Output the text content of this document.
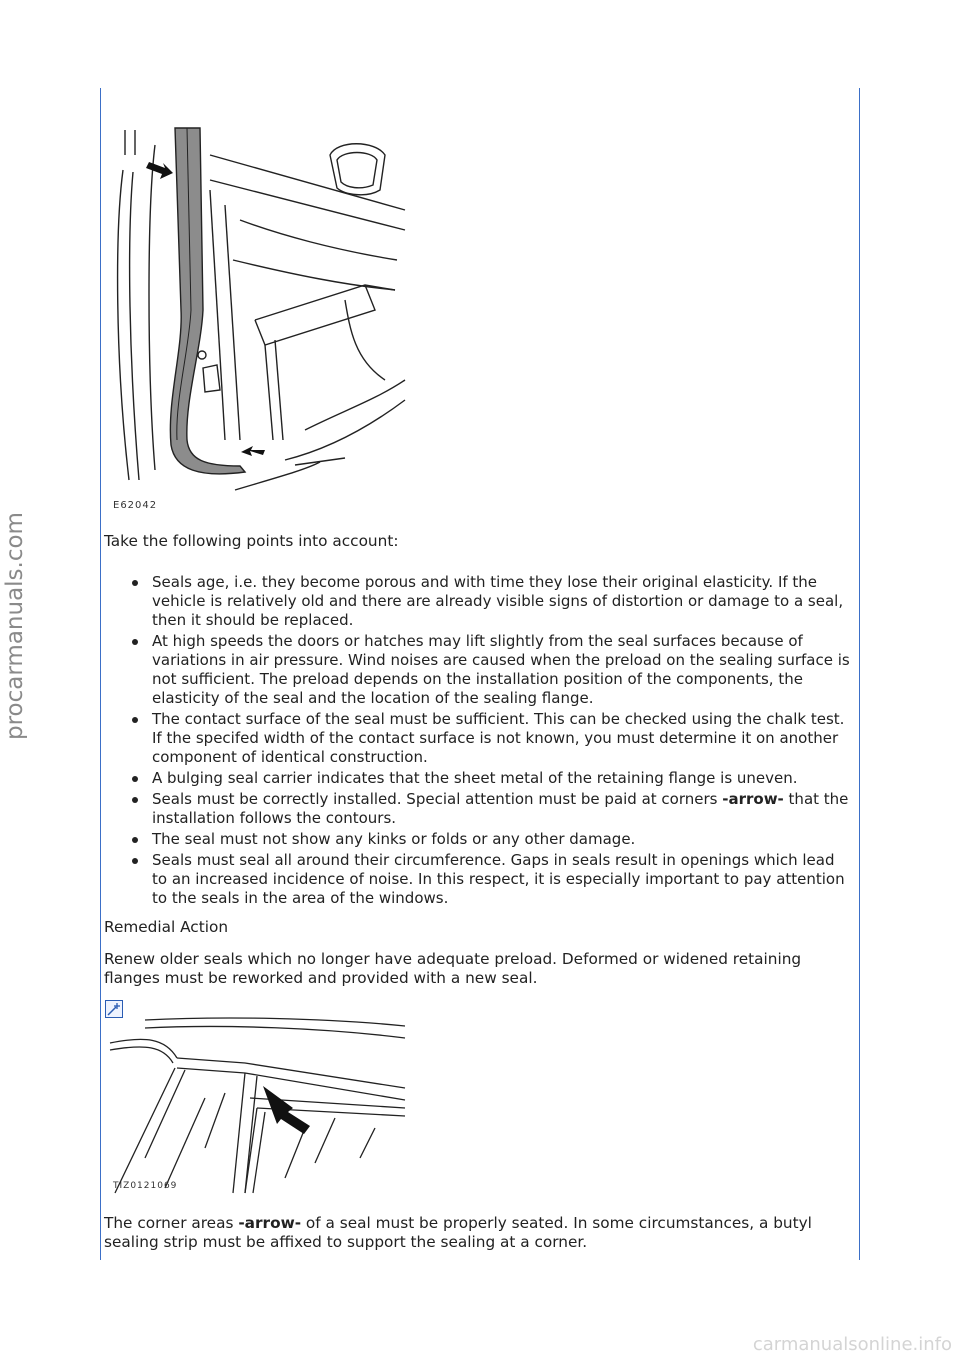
procarmanuals.com
carmanualsonline.info
E62042

Take the following points into account:

Seals age, i.e. they become porous and with time they lose their original elasticity. If the vehicle is relatively old and there are already visible signs of distortion or damage to a seal, then it should be replaced.
At high speeds the doors or hatches may lift slightly from the seal surfaces because of variations in air pressure. Wind noises are caused when the preload on the sealing surface is not sufficient. The preload depends on the installation position of the components, the elasticity of the seal and the location of the sealing flange.
The contact surface of the seal must be sufficient. This can be checked using the chalk test. If the specifed width of the contact surface is not known, you must determine it on another component of identical construction.
A bulging seal carrier indicates that the sheet metal of the retaining flange is uneven.
Seals must be correctly installed. Special attention must be paid at corners -arrow- that the installation follows the contours.
The seal must not show any kinks or folds or any other damage.
Seals must seal all around their circumference. Gaps in seals result in openings which lead to an increased incidence of noise. In this respect, it is especially important to pay attention to the seals in the area of the windows.

Remedial Action

Renew older seals which no longer have adequate preload. Deformed or widened retaining flanges must be reworked and provided with a new seal.

TIZ0121069

The corner areas -arrow- of a seal must be properly seated. In some circumstances, a butyl sealing strip must be affixed to support the sealing at a corner.
